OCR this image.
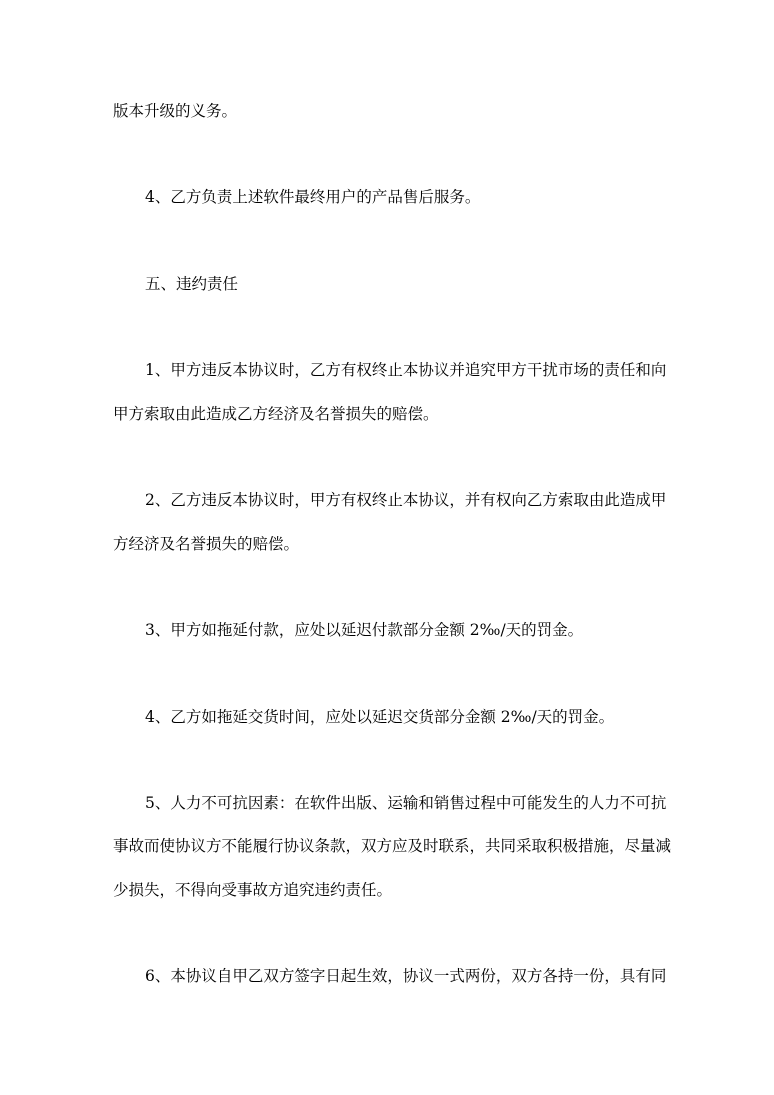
版本升级的义务。
4、乙方负责上述软件最终用户的产品售后服务。
五、违约责任
1、甲方违反本协议时，乙方有权终止本协议并追究甲方干扰市场的责任和向
甲方索取由此造成乙方经济及名誉损失的赔偿。
2、乙方违反本协议时，甲方有权终止本协议，并有权向乙方索取由此造成甲
方经济及名誉损失的赔偿。
3、甲方如拖延付款，应处以延迟付款部分金额 2‰/天的罚金。
4、乙方如拖延交货时间，应处以延迟交货部分金额 2‰/天的罚金。
5、人力不可抗因素：在软件出版、运输和销售过程中可能发生的人力不可抗
事故而使协议方不能履行协议条款，双方应及时联系，共同采取积极措施，尽量减
少损失，不得向受事故方追究违约责任。
6、本协议自甲乙双方签字日起生效，协议一式两份，双方各持一份，具有同
